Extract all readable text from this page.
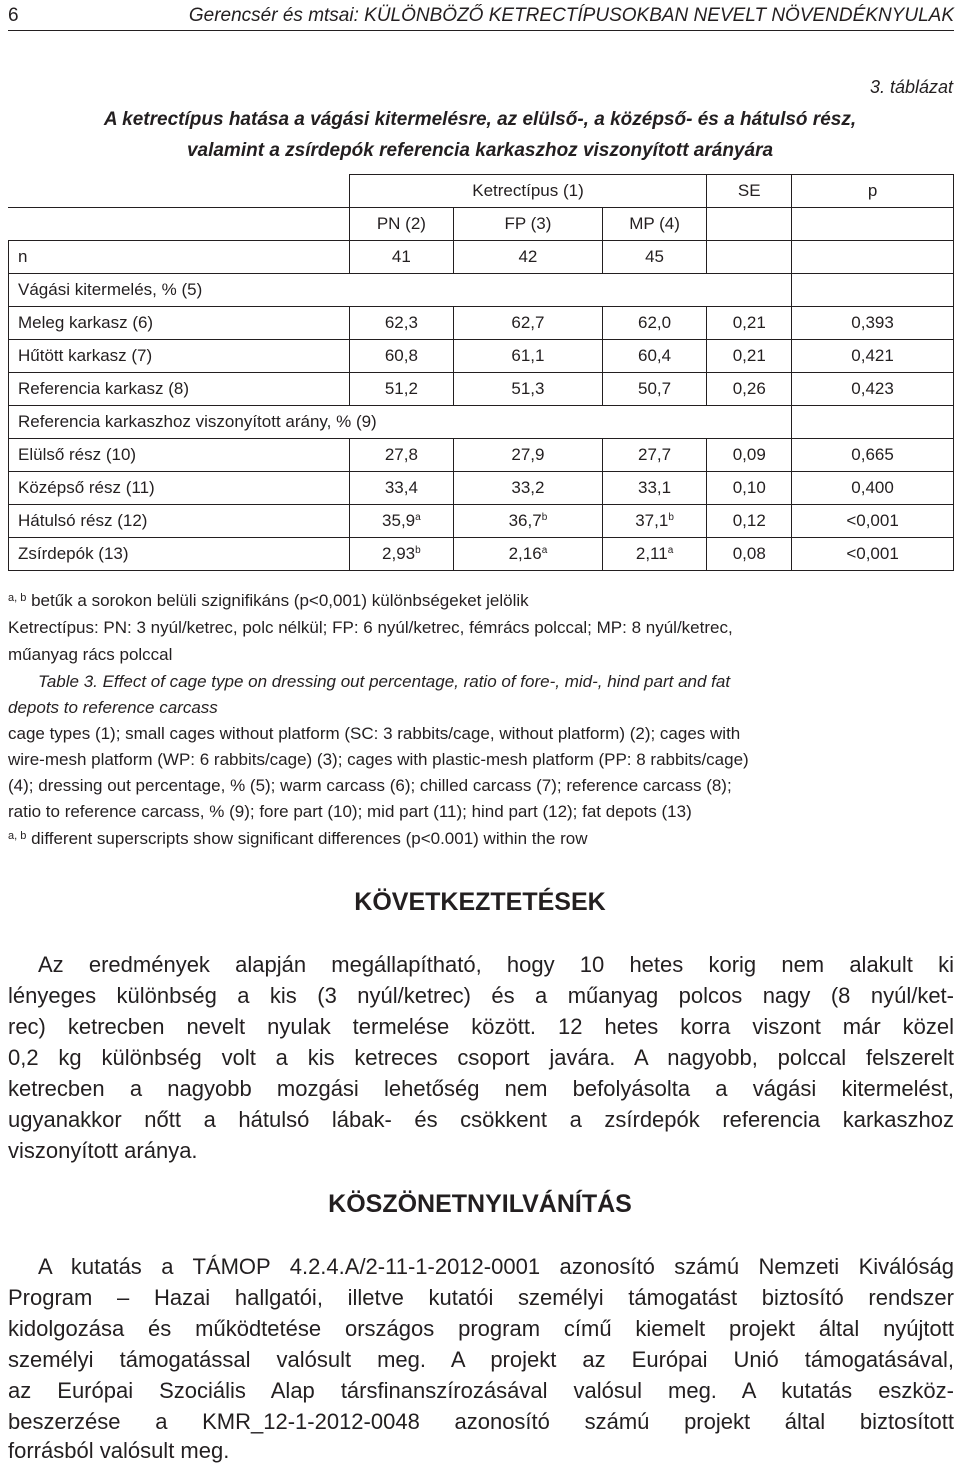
6	Gerencsér és mtsai: KÜLÖNBÖZŐ KETRECTÍPUSOKBAN NEVELT NÖVENDÉKNYULAK
3. táblázat
A ketrectípus hatása a vágási kitermelésre, az elülső-, a középső- és a hátulsó rész,
valamint a zsírdepók referencia karkaszhoz viszonyított arányára
	Ketrectípus (1)			SE	p
	PN (2)	FP (3)	MP (4)		
n	41	42	45		
Vágási kitermelés, % (5)					
Meleg karkasz (6)	62,3	62,7	62,0	0,21	0,393
Hűtött karkasz (7)	60,8	61,1	60,4	0,21	0,421
Referencia karkasz (8)	51,2	51,3	50,7	0,26	0,423
Referencia karkaszhoz viszonyított arány, % (9)					
Elülső rész (10)	27,8	27,9	27,7	0,09	0,665
Középső rész (11)	33,4	33,2	33,1	0,10	0,400
Hátulsó rész (12)	35,9$^a$	36,7$^b$	37,1$^b$	0,12	<0,001
Zsírdepók (13)	2,93$^b$	2,16$^a$	2,11$^a$	0,08	<0,001
$^{a, b}$ betűk a sorokon belüli szignifikáns (p<0,001) különbségeket jelölik
Ketrectípus: PN: 3 nyúl/ketrec, polc nélkül; FP: 6 nyúl/ketrec, fémrács polccal; MP: 8 nyúl/ketrec,
műanyag rács polccal
Table 3. Effect of cage type on dressing out percentage, ratio of fore-, mid-, hind part and fat
depots to reference carcass
cage types (1); small cages without platform (SC: 3 rabbits/cage, without platform) (2); cages with
wire-mesh platform (WP: 6 rabbits/cage) (3); cages with plastic-mesh platform (PP: 8 rabbits/cage)
(4); dressing out percentage, % (5); warm carcass (6); chilled carcass (7); reference carcass (8);
ratio to reference carcass, % (9); fore part (10); mid part (11); hind part (12); fat depots (13)
$^{a, b}$ different superscripts show significant differences (p<0.001) within the row
KÖVETKEZTETÉSEK
Az eredmények alapján megállapítható, hogy 10 hetes korig nem alakult ki
lényeges különbség a kis (3 nyúl/ketrec) és a műanyag polcos nagy (8 nyúl/ket-
rec) ketrecben nevelt nyulak termelése között. 12 hetes korra viszont már közel
0,2 kg különbség volt a kis ketreces csoport javára. A nagyobb, polccal felszerelt
ketrecben a nagyobb mozgási lehetőség nem befolyásolta a vágási kitermelést,
ugyanakkor nőtt a hátulsó lábak- és csökkent a zsírdepók referencia karkaszhoz
viszonyított aránya.
KÖSZÖNETNYILVÁNÍTÁS
A kutatás a TÁMOP 4.2.4.A/2-11-1-2012-0001 azonosító számú Nemzeti Kiválóság
Program – Hazai hallgatói, illetve kutatói személyi támogatást biztosító rendszer
kidolgozása és működtetése országos program című kiemelt projekt által nyújtott
személyi támogatással valósult meg. A projekt az Európai Unió támogatásával,
az Európai Szociális Alap társfinanszírozásával valósul meg. A kutatás eszköz-
beszerzése a KMR_12-1-2012-0048 azonosító számú projekt által biztosított
forrásból valósult meg.
